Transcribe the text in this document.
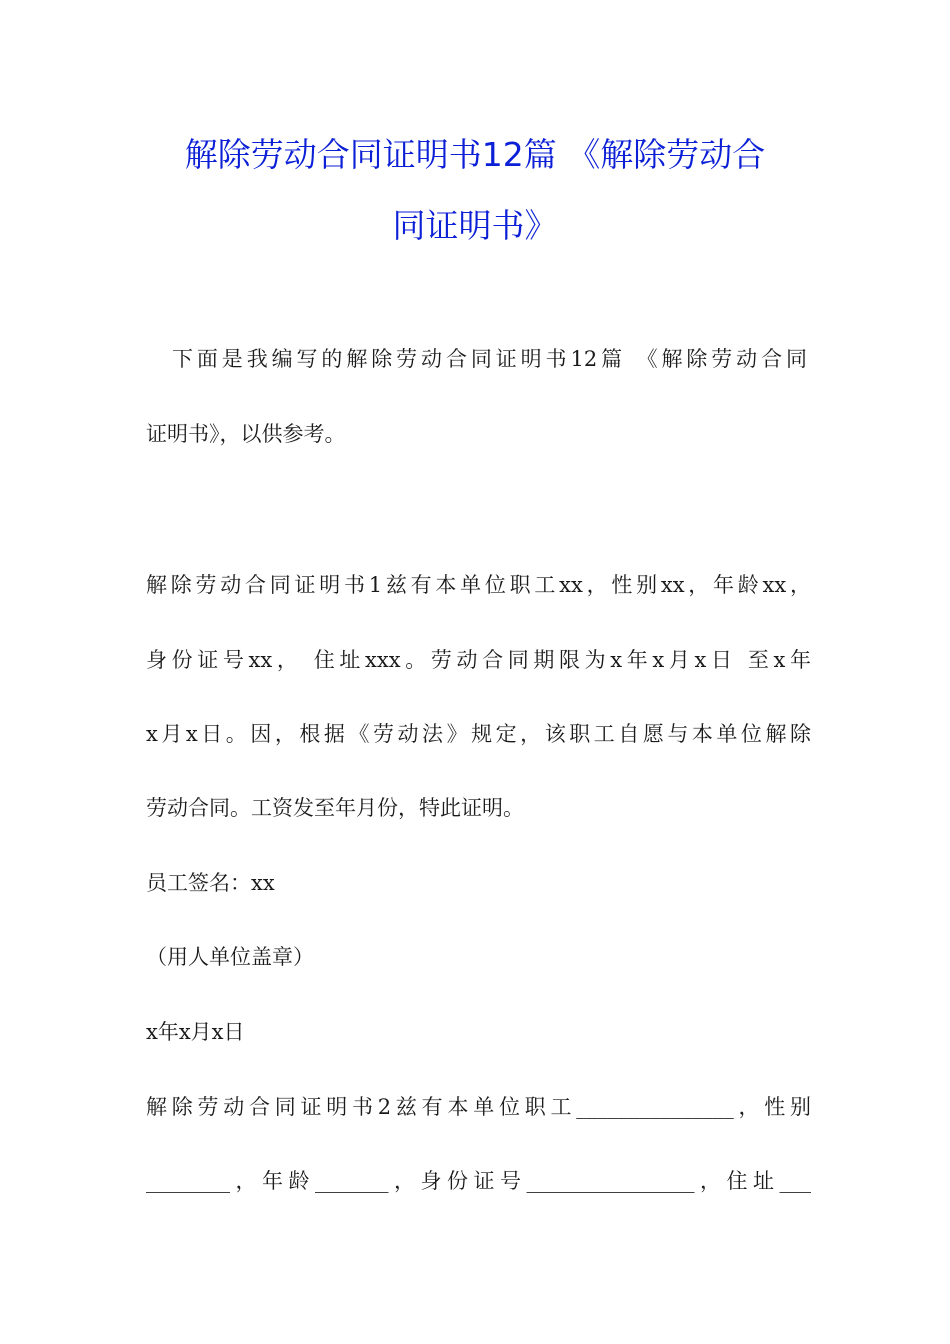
解除劳动合同证明书12篇 《解除劳动合
同证明书》
下面是我编写的解除劳动合同证明书12篇 《解除劳动合同
证明书》，以供参考。
解除劳动合同证明书1兹有本单位职工xx，性别xx，年龄xx，
身份证号xx， 住址xxx。劳动合同期限为x年x月x日 至x年
x月x日。因，根据《劳动法》规定，该职工自愿与本单位解除
劳动合同。工资发至年月份，特此证明。
员工签名：xx
（用人单位盖章）
x年x月x日
解除劳动合同证明书2兹有本单位职工_______________，性别
________，年龄_______，身份证号________________，住址___
